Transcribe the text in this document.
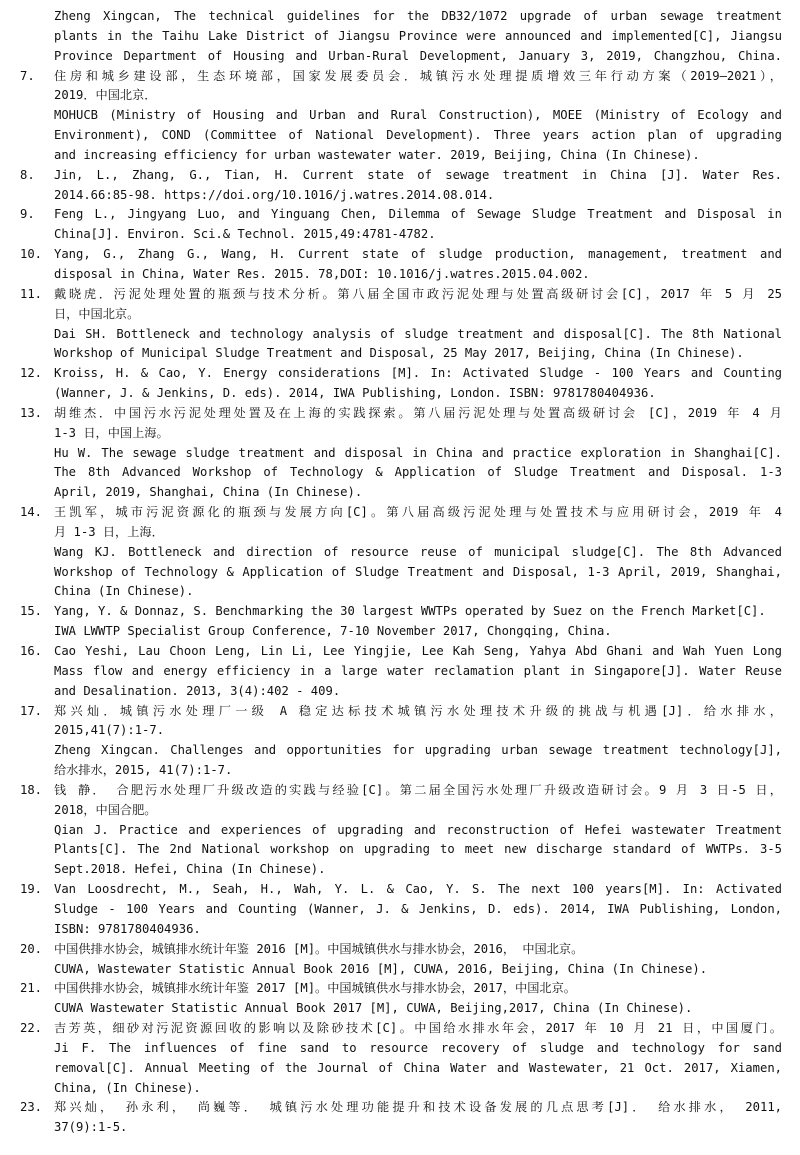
Zheng Xingcan, The technical guidelines for the DB32/1072 upgrade of urban sewage treatment
plants in the Taihu Lake District of Jiangsu Province were announced and implemented[C], Jiangsu
Province Department of Housing and Urban-Rural Development, January 3, 2019, Changzhou, China.
7.	住房和城乡建设部，生态环境部，国家发展委员会．城镇污水处理提质增效三年行动方案（2019—2021），
2019．中国北京．
MOHUCB (Ministry of Housing and Urban and Rural Construction), MOEE (Ministry of Ecology and
Environment), COND (Committee of National Development). Three years action plan of upgrading
and increasing efficiency for urban wastewater water. 2019, Beijing, China (In Chinese).
8.	Jin, L., Zhang, G., Tian, H. Current state of sewage treatment in China [J]. Water Res.
2014.66:85-98. https://doi.org/10.1016/j.watres.2014.08.014.
9.	Feng L., Jingyang Luo, and Yinguang Chen, Dilemma of Sewage Sludge Treatment and Disposal in
China[J]. Environ. Sci.& Technol. 2015,49:4781-4782.
10. Yang, G., Zhang G., Wang, H. Current state of sludge production, management, treatment and
disposal in China, Water Res. 2015. 78,DOI: 10.1016/j.watres.2015.04.002.
11. 戴晓虎．污泥处理处置的瓶颈与技术分析。第八届全国市政污泥处理与处置高级研讨会[C]，2017 年 5 月 25
日，中国北京。
Dai SH. Bottleneck and technology analysis of sludge treatment and disposal[C]. The 8th National
Workshop of Municipal Sludge Treatment and Disposal, 25 May 2017, Beijing, China (In Chinese).
12. Kroiss, H. & Cao, Y. Energy considerations [M]. In: Activated Sludge - 100 Years and Counting
(Wanner, J. & Jenkins, D. eds). 2014, IWA Publishing, London. ISBN: 9781780404936.
13. 胡维杰．中国污水污泥处理处置及在上海的实践探索。第八届污泥处理与处置高级研讨会 [C]，2019 年 4 月
1-3 日，中国上海。
Hu W. The sewage sludge treatment and disposal in China and practice exploration in Shanghai[C].
The 8th Advanced Workshop of Technology & Application of Sludge Treatment and Disposal. 1-3
April, 2019, Shanghai, China (In Chinese).
14. 王凯军，城市污泥资源化的瓶颈与发展方向[C]。第八届高级污泥处理与处置技术与应用研讨会，2019 年 4
月 1-3 日，上海．
Wang KJ. Bottleneck and direction of resource reuse of municipal sludge[C]. The 8th Advanced
Workshop of Technology & Application of Sludge Treatment and Disposal, 1-3 April, 2019, Shanghai,
China (In Chinese).
15. Yang, Y. & Donnaz, S. Benchmarking the 30 largest WWTPs operated by Suez on the French Market[C].
IWA LWWTP Specialist Group Conference, 7-10 November 2017, Chongqing, China.
16. Cao Yeshi, Lau Choon Leng, Lin Li, Lee Yingjie, Lee Kah Seng, Yahya Abd Ghani and Wah Yuen Long
Mass flow and energy efficiency in a large water reclamation plant in Singapore[J]. Water Reuse
and Desalination. 2013, 3(4):402 - 409.
17. 郑兴灿．城镇污水处理厂一级 A 稳定达标技术城镇污水处理技术升级的挑战与机遇[J]．给水排水，
2015,41(7):1-7.
Zheng Xingcan. Challenges and opportunities for upgrading urban sewage treatment technology[J],
给水排水，2015, 41(7):1-7.
18. 钱 静． 合肥污水处理厂升级改造的实践与经验[C]。第二届全国污水处理厂升级改造研讨会。9 月 3 日-5 日，
2018，中国合肥。
Qian J. Practice and experiences of upgrading and reconstruction of Hefei wastewater Treatment
Plants[C]. The 2nd National workshop on upgrading to meet new discharge standard of WWTPs. 3-5
Sept.2018. Hefei, China (In Chinese).
19. Van Loosdrecht, M., Seah, H., Wah, Y. L. & Cao, Y. S. The next 100 years[M]. In: Activated
Sludge - 100 Years and Counting (Wanner, J. & Jenkins, D. eds). 2014, IWA Publishing, London,
ISBN: 9781780404936.
20. 中国供排水协会，城镇排水统计年鉴 2016 [M]。中国城镇供水与排水协会，2016， 中国北京。
CUWA, Wastewater Statistic Annual Book 2016 [M], CUWA, 2016, Beijing, China (In Chinese).
21. 中国供排水协会，城镇排水统计年鉴 2017 [M]。中国城镇供水与排水协会，2017，中国北京。
CUWA Wastewater Statistic Annual Book 2017 [M], CUWA, Beijing,2017, China (In Chinese).
22. 吉芳英，细砂对污泥资源回收的影响以及除砂技术[C]。中国给水排水年会，2017 年 10 月 21 日，中国厦门。
Ji F. The influences of fine sand to resource recovery of sludge and technology for sand
removal[C]. Annual Meeting of the Journal of China Water and Wastewater, 21 Oct. 2017, Xiamen,
China, (In Chinese).
23. 郑兴灿， 孙永利， 尚巍等． 城镇污水处理功能提升和技术设备发展的几点思考[J]． 给水排水， 2011,
37(9):1-5.
